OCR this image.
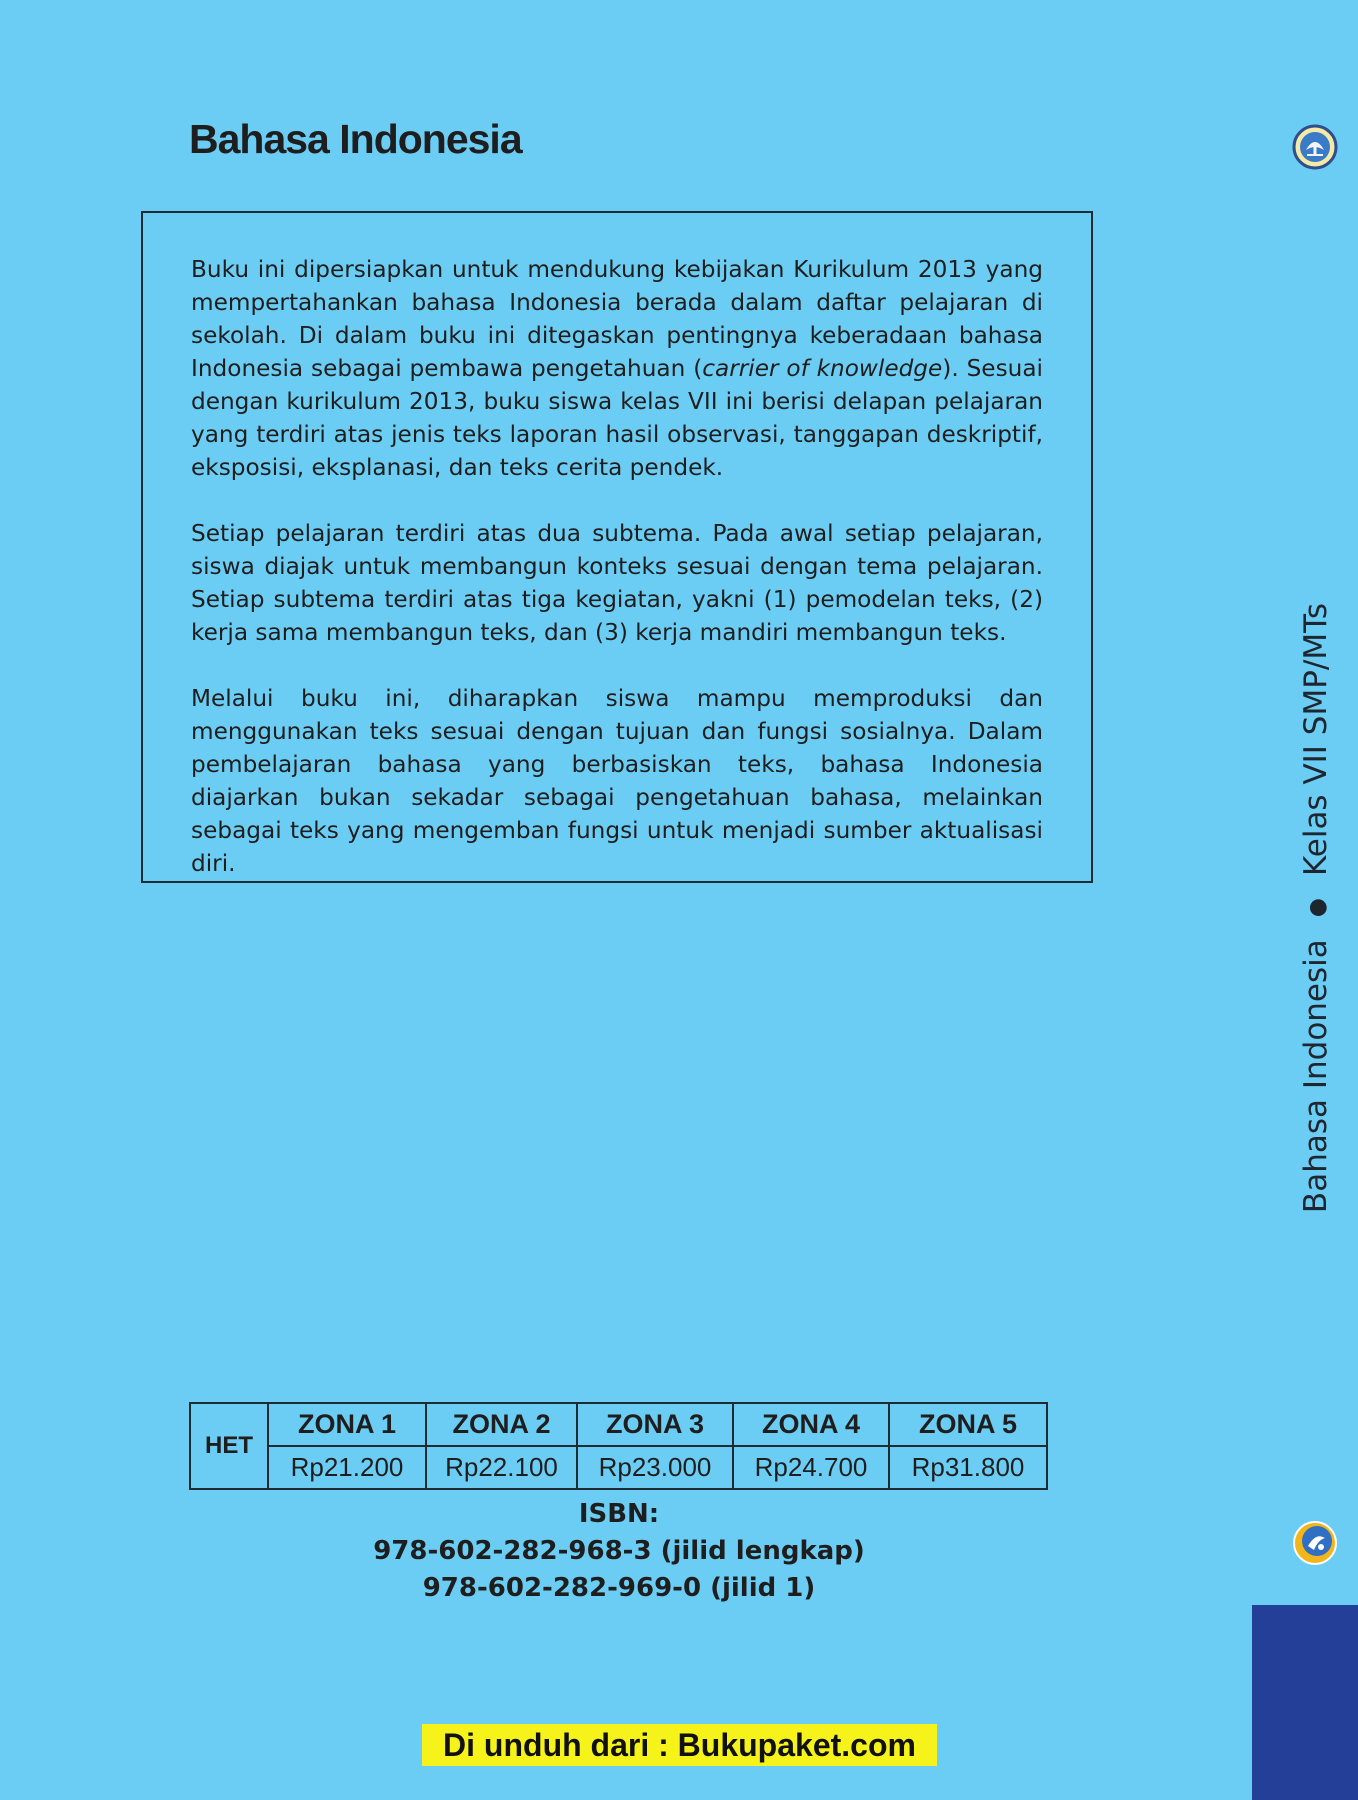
Bahasa Indonesia

Buku ini dipersiapkan untuk mendukung kebijakan Kurikulum 2013 yang mempertahankan bahasa Indonesia berada dalam daftar pelajaran di sekolah. Di dalam buku ini ditegaskan pentingnya keberadaan bahasa Indonesia sebagai pembawa pengetahuan (carrier of knowledge). Sesuai dengan kurikulum 2013, buku siswa kelas VII ini berisi delapan pelajaran yang terdiri atas jenis teks laporan hasil observasi, tanggapan deskriptif, eksposisi, eksplanasi, dan teks cerita pendek.

Setiap pelajaran terdiri atas dua subtema. Pada awal setiap pelajaran, siswa diajak untuk membangun konteks sesuai dengan tema pelajaran. Setiap subtema terdiri atas tiga kegiatan, yakni (1) pemodelan teks, (2) kerja sama membangun teks, dan (3) kerja mandiri membangun teks.

Melalui buku ini, diharapkan siswa mampu memproduksi dan menggunakan teks sesuai dengan tujuan dan fungsi sosialnya. Dalam pembelajaran bahasa yang berbasiskan teks, bahasa Indonesia diajarkan bukan sekadar sebagai pengetahuan bahasa, melainkan sebagai teks yang mengemban fungsi untuk menjadi sumber aktualisasi diri.

HET	ZONA 1	ZONA 2	ZONA 3	ZONA 4	ZONA 5
	Rp21.200	Rp22.100	Rp23.000	Rp24.700	Rp31.800
ISBN:
978-602-282-968-3 (jilid lengkap)
978-602-282-969-0 (jilid 1)
Di unduh dari : Bukupaket.com
Bahasa Indonesia●Kelas VII SMP/MTs
